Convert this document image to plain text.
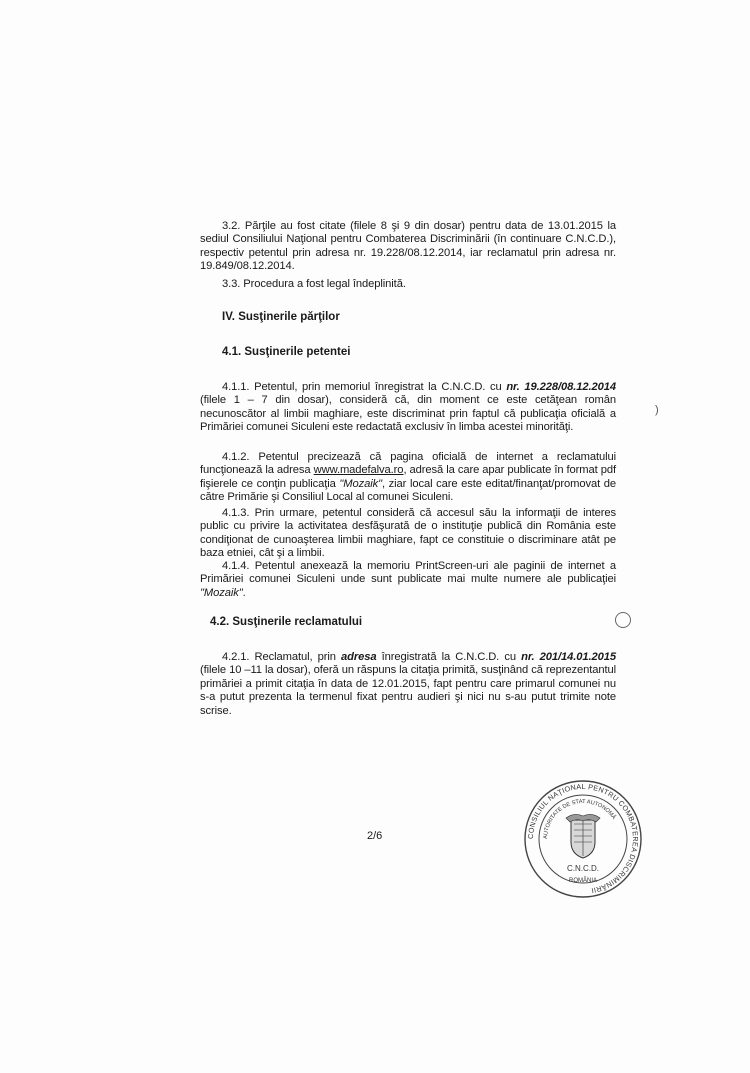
3.2. Părţile au fost citate (filele 8 şi 9 din dosar) pentru data de 13.01.2015 la sediul Consiliului Naţional pentru Combaterea Discriminării (în continuare C.N.C.D.), respectiv petentul prin adresa nr. 19.228/08.12.2014, iar reclamatul prin adresa nr. 19.849/08.12.2014.
3.3. Procedura a fost legal îndeplinită.
IV. Susţinerile părţilor
4.1. Susţinerile petentei
4.1.1. Petentul, prin memoriul înregistrat la C.N.C.D. cu nr. 19.228/08.12.2014 (filele 1 – 7 din dosar), consideră că, din moment ce este cetăţean român necunoscător al limbii maghiare, este discriminat prin faptul că publicaţia oficială a Primăriei comunei Siculeni este redactată exclusiv în limba acestei minorităţi.
4.1.2. Petentul precizează că pagina oficială de internet a reclamatului funcţionează la adresa www.madefalva.ro, adresă la care apar publicate în format pdf fişierele ce conţin publicaţia "Mozaik", ziar local care este editat/finanţat/promovat de către Primărie şi Consiliul Local al comunei Siculeni.
4.1.3. Prin urmare, petentul consideră că accesul său la informaţii de interes public cu privire la activitatea desfăşurată de o instituţie publică din România este condiţionat de cunoaşterea limbii maghiare, fapt ce constituie o discriminare atât pe baza etniei, cât şi a limbii.
4.1.4. Petentul anexează la memoriu PrintScreen-uri ale paginii de internet a Primăriei comunei Siculeni unde sunt publicate mai multe numere ale publicaţiei "Mozaik".
4.2. Susţinerile reclamatului
4.2.1. Reclamatul, prin adresa înregistrată la C.N.C.D. cu nr. 201/14.01.2015 (filele 10 –11 la dosar), oferă un răspuns la citaţia primită, susţinând că reprezentantul primăriei a primit citaţia în data de 12.01.2015, fapt pentru care primarul comunei nu s-a putut prezenta la termenul fixat pentru audieri şi nici nu s-au putut trimite note scrise.
2/6
)
CONSILIUL NAŢIONAL PENTRU COMBATEREA DISCRIMINĂRII
AUTORITATE DE STAT AUTONOMĂ
C.N.C.D.
ROMÂNIA
